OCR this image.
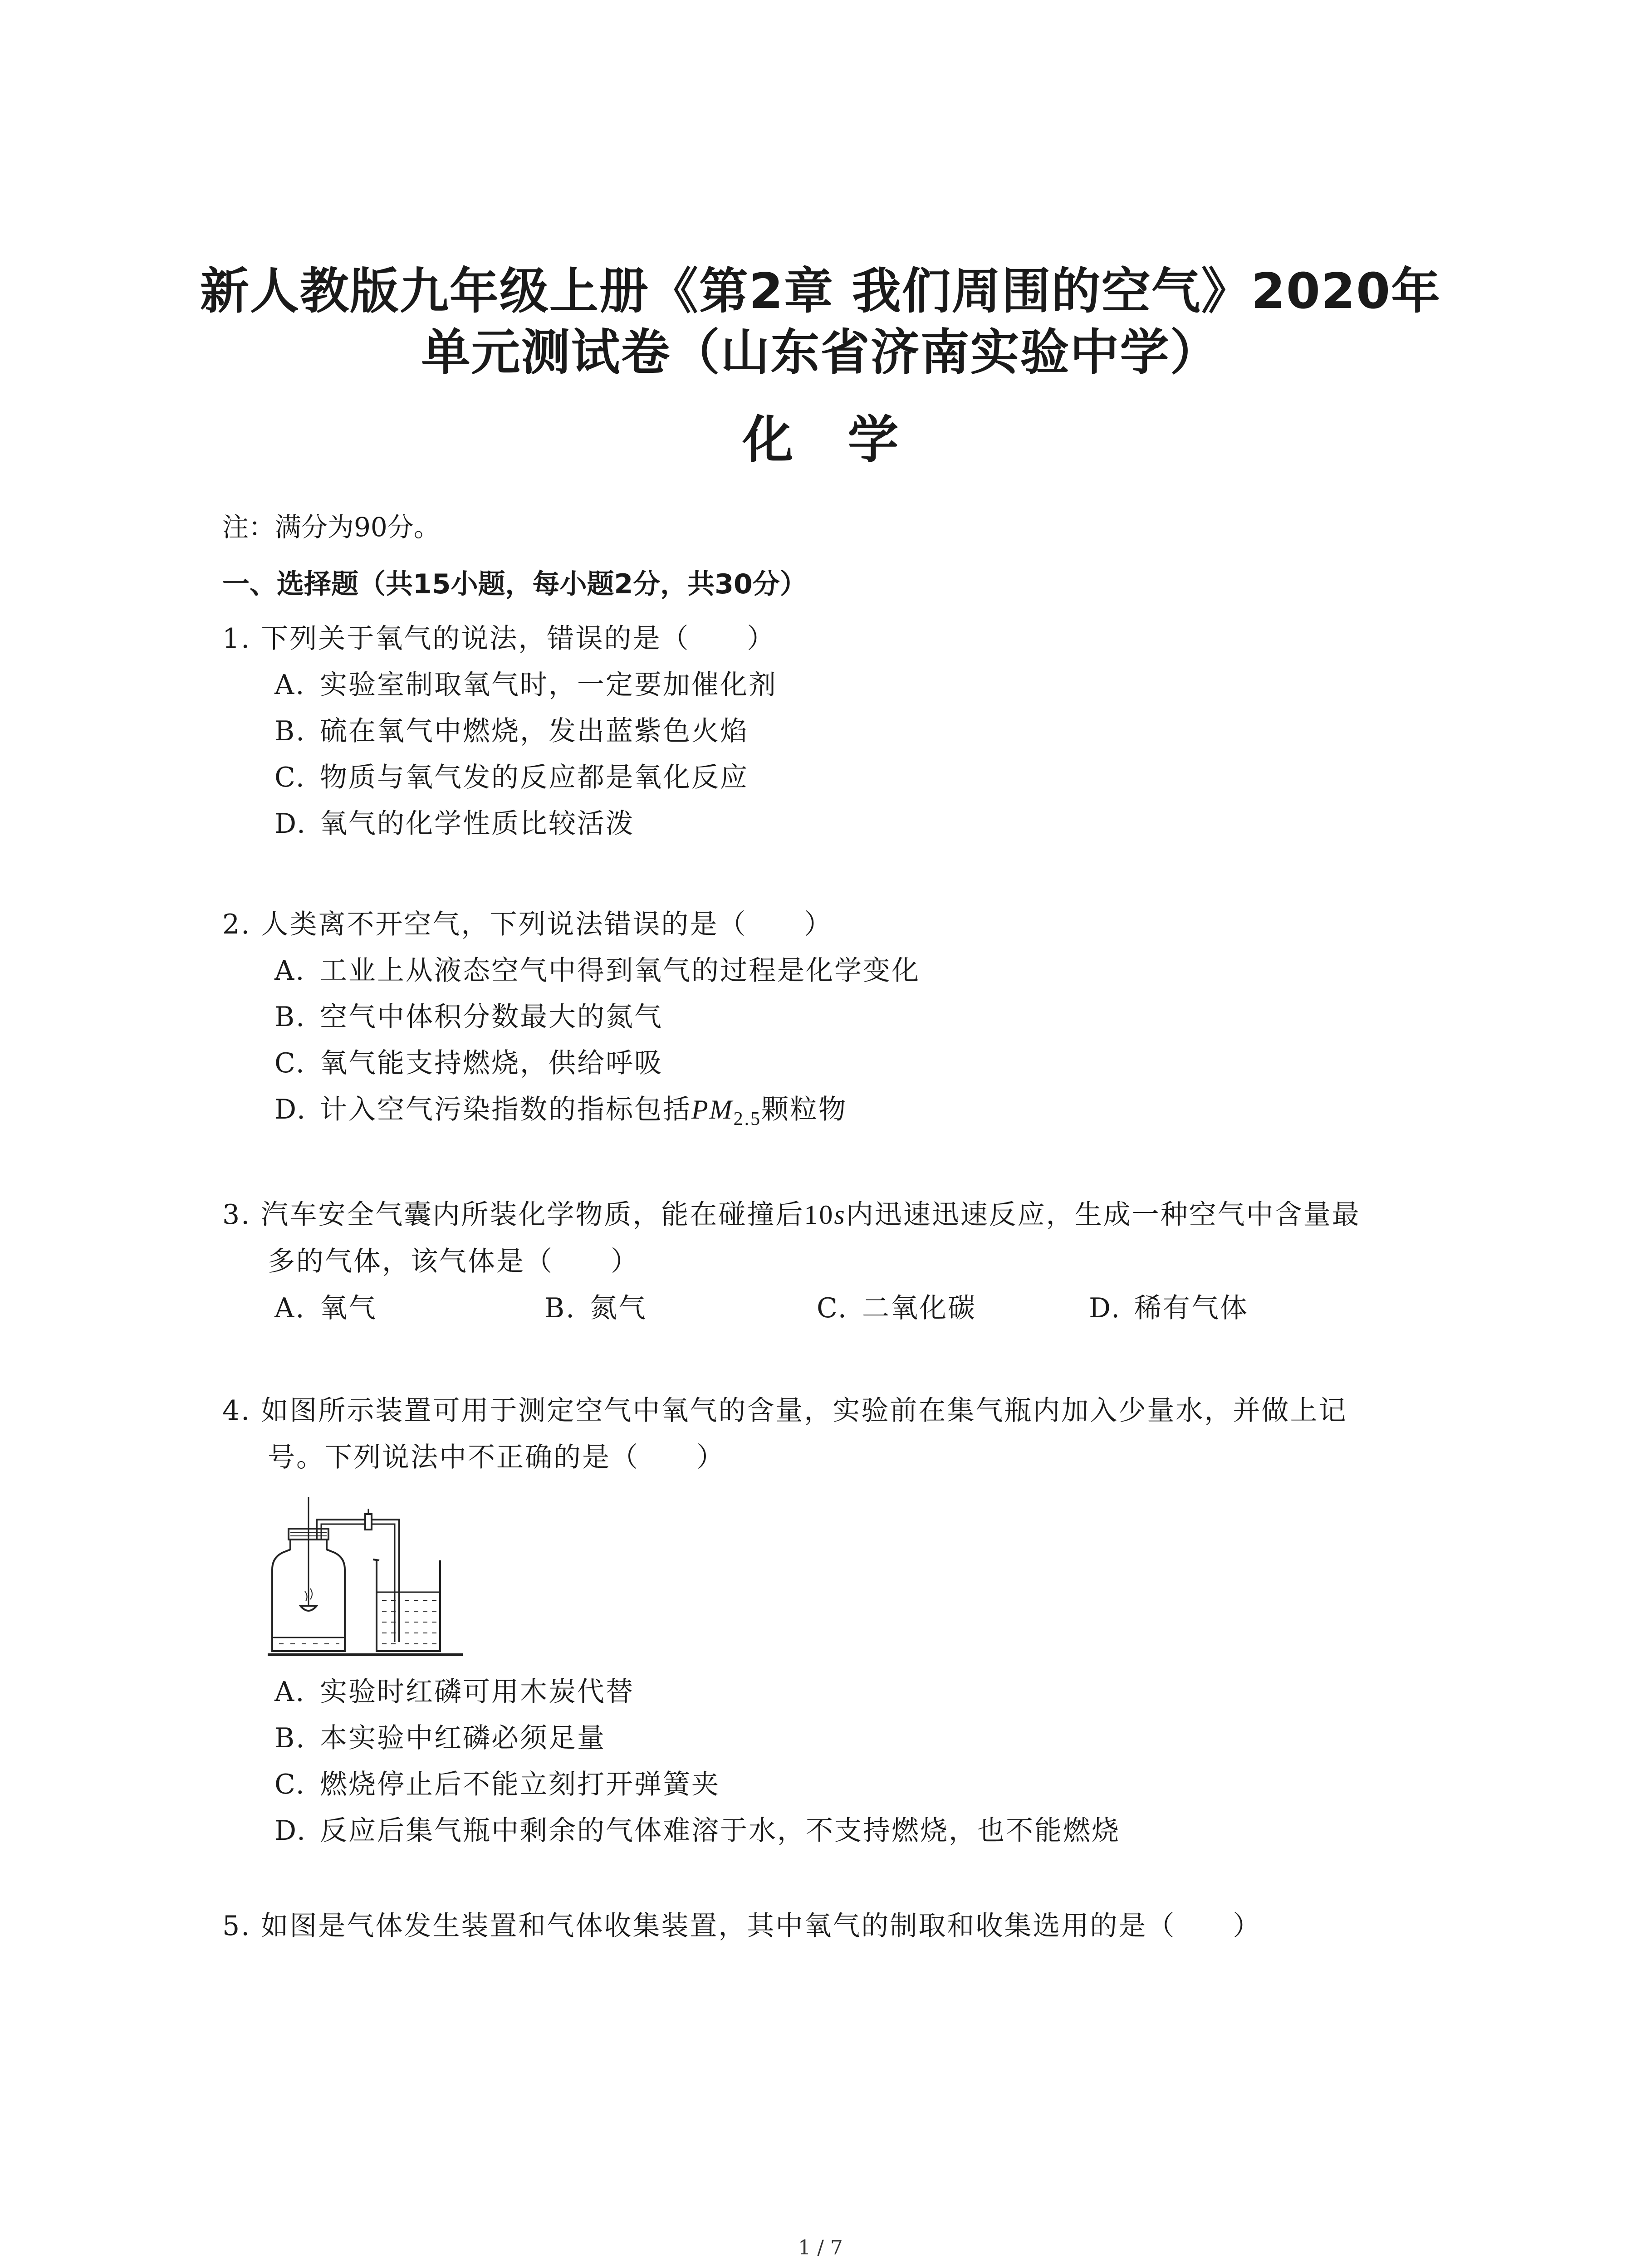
新人教版九年级上册《第2章 我们周围的空气》2020年
单元测试卷（山东省济南实验中学）
化学
注：满分为90分。
一、选择题（共15小题，每小题2分，共30分）
1. 下列关于氧气的说法，错误的是（　　）
A. 实验室制取氧气时，一定要加催化剂
B. 硫在氧气中燃烧，发出蓝紫色火焰
C. 物质与氧气发的反应都是氧化反应
D. 氧气的化学性质比较活泼
2. 人类离不开空气，下列说法错误的是（　　）
A. 工业上从液态空气中得到氧气的过程是化学变化
B. 空气中体积分数最大的氮气
C. 氧气能支持燃烧，供给呼吸
D. 计入空气污染指数的指标包括$PM_{2.5}$颗粒物
3. 汽车安全气囊内所装化学物质，能在碰撞后10s内迅速迅速反应，生成一种空气中含量最
多的气体，该气体是（　　）
A. 氧气	B. 氮气	C. 二氧化碳	D. 稀有气体
4. 如图所示装置可用于测定空气中氧气的含量，实验前在集气瓶内加入少量水，并做上记
号。下列说法中不正确的是（　　）
A. 实验时红磷可用木炭代替
B. 本实验中红磷必须足量
C. 燃烧停止后不能立刻打开弹簧夹
D. 反应后集气瓶中剩余的气体难溶于水，不支持燃烧，也不能燃烧
5. 如图是气体发生装置和气体收集装置，其中氧气的制取和收集选用的是（　　）
1 / 7
